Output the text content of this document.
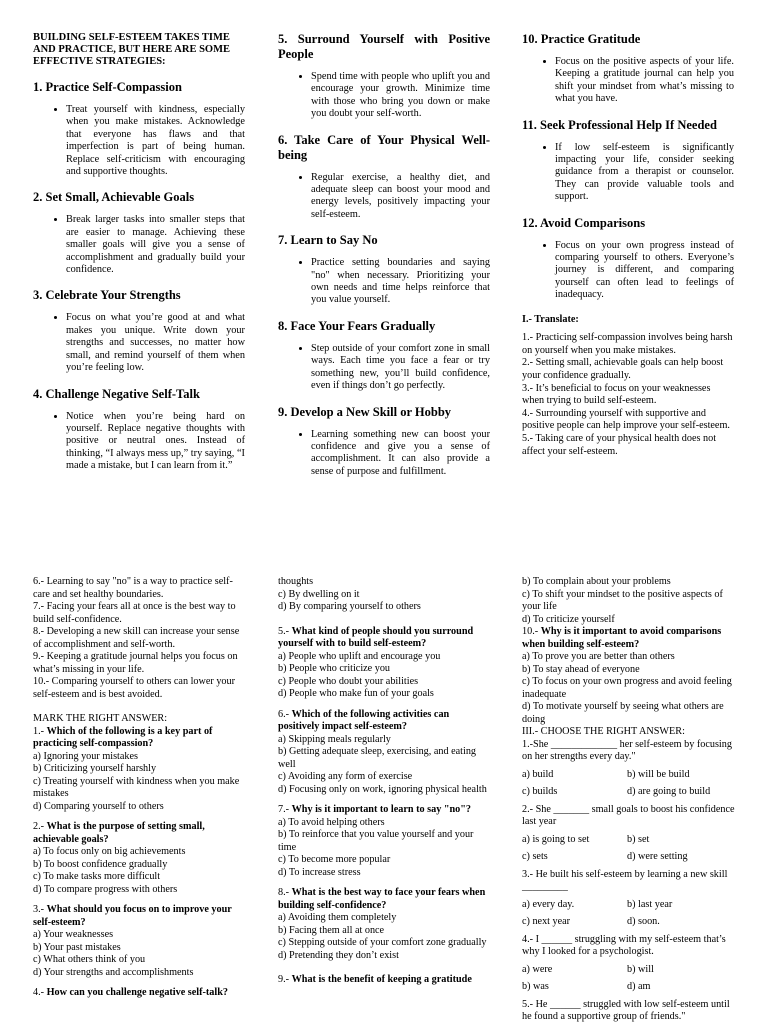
BUILDING SELF-ESTEEM TAKES TIME AND PRACTICE, BUT HERE ARE SOME EFFECTIVE STRATEGIES:

1. Practice Self-Compassion
• Treat yourself with kindness, especially when you make mistakes. Acknowledge that everyone has flaws and that imperfection is part of being human. Replace self-criticism with encouraging and supportive thoughts.
2. Set Small, Achievable Goals
• Break larger tasks into smaller steps that are easier to manage. Achieving these smaller goals will give you a sense of accomplishment and gradually build your confidence.
3. Celebrate Your Strengths
• Focus on what you’re good at and what makes you unique. Write down your strengths and successes, no matter how small, and remind yourself of them when you’re feeling low.
4. Challenge Negative Self-Talk
• Notice when you’re being hard on yourself. Replace negative thoughts with positive or neutral ones. Instead of thinking, “I always mess up,” try saying, “I made a mistake, but I can learn from it.”
5. Surround Yourself with Positive People
• Spend time with people who uplift you and encourage your growth. Minimize time with those who bring you down or make you doubt your self-worth.
6. Take Care of Your Physical Well-being
• Regular exercise, a healthy diet, and adequate sleep can boost your mood and energy levels, positively impacting your self-esteem.
7. Learn to Say No
• Practice setting boundaries and saying "no" when necessary. Prioritizing your own needs and time helps reinforce that you value yourself.
8. Face Your Fears Gradually
• Step outside of your comfort zone in small ways. Each time you face a fear or try something new, you’ll build confidence, even if things don’t go perfectly.
9. Develop a New Skill or Hobby
• Learning something new can boost your confidence and give you a sense of accomplishment. It can also provide a sense of purpose and fulfillment.
10. Practice Gratitude
• Focus on the positive aspects of your life. Keeping a gratitude journal can help you shift your mindset from what’s missing to what you have.
11. Seek Professional Help If Needed
• If low self-esteem is significantly impacting your life, consider seeking guidance from a therapist or counselor. They can provide valuable tools and support.
12. Avoid Comparisons
• Focus on your own progress instead of comparing yourself to others. Everyone’s journey is different, and comparing yourself can often lead to feelings of inadequacy.

I.- Translate:

1.- Practicing self-compassion involves being harsh on yourself when you make mistakes.

2.- Setting small, achievable goals can help boost your confidence gradually.

3.- It’s beneficial to focus on your weaknesses when trying to build self-esteem.

4.- Surrounding yourself with supportive and positive people can help improve your self-esteem.

5.- Taking care of your physical health does not affect your self-esteem.

6.- Learning to say "no" is a way to practice self-care and set healthy boundaries.

7.- Facing your fears all at once is the best way to build self-confidence.

8.- Developing a new skill can increase your sense of accomplishment and self-worth.

9.- Keeping a gratitude journal helps you focus on what’s missing in your life.

10.- Comparing yourself to others can lower your self-esteem and is best avoided.

MARK THE RIGHT ANSWER:

1.- Which of the following is a key part of practicing self-compassion?

a) Ignoring your mistakes

b) Criticizing yourself harshly

c) Treating yourself with kindness when you make mistakes

d) Comparing yourself to others

2.- What is the purpose of setting small, achievable goals?

a) To focus only on big achievements

b) To boost confidence gradually

c) To make tasks more difficult

d) To compare progress with others

3.- What should you focus on to improve your self-esteem?

a) Your weaknesses

b) Your past mistakes

c) What others think of you

d) Your strengths and accomplishments

4.- How can you challenge negative self-talk?

thoughts

c) By dwelling on it

d) By comparing yourself to others

5.- What kind of people should you surround yourself with to build self-esteem?

a) People who uplift and encourage you

b) People who criticize you

c) People who doubt your abilities

d) People who make fun of your goals

6.- Which of the following activities can positively impact self-esteem?

a) Skipping meals regularly

b) Getting adequate sleep, exercising, and eating well

c) Avoiding any form of exercise

d) Focusing only on work, ignoring physical health

7.- Why is it important to learn to say "no"?

a) To avoid helping others

b) To reinforce that you value yourself and your time

c) To become more popular

d) To increase stress

8.- What is the best way to face your fears when building self-confidence?

a) Avoiding them completely

b) Facing them all at once

c) Stepping outside of your comfort zone gradually

d) Pretending they don’t exist

9.- What is the benefit of keeping a gratitude

b) To complain about your problems

c) To shift your mindset to the positive aspects of your life

d) To criticize yourself

10.- Why is it important to avoid comparisons when building self-esteem?

a) To prove you are better than others

b) To stay ahead of everyone

c) To focus on your own progress and avoid feeling inadequate

d) To motivate yourself by seeing what others are doing

III.- CHOOSE THE RIGHT ANSWER:

1.-She _____________ her self-esteem by focusing on her strengths every day."

a) build	b) will be build
c) builds	d) are going to build

2.- She _______ small goals to boost his confidence last year

a) is going to set	b) set
c) sets	d) were setting

3.- He built his self-esteem by learning a new skill _________

a) every day.	b) last year
c) next year	d) soon.

4.- I ______ struggling with my self-esteem that’s why I looked for a psychologist.

a) were	b) will
b) was	d) am

5.- He ______ struggled with low self-esteem until he found a supportive group of friends."
